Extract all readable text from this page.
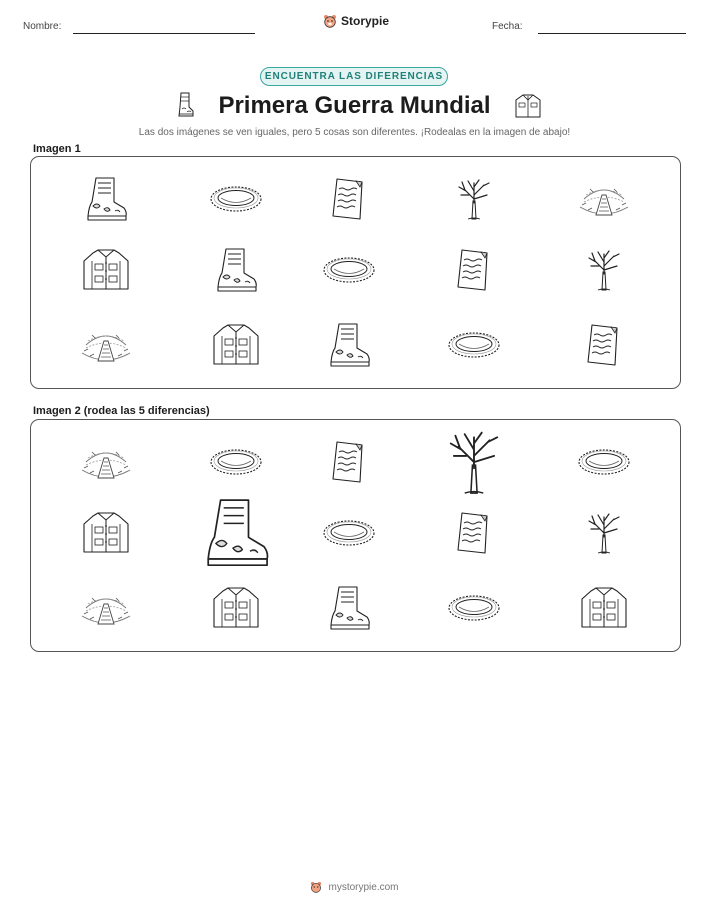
Nombre:	Storypie	Fecha:
ENCUENTRA LAS DIFERENCIAS
Primera Guerra Mundial
Las dos imágenes se ven iguales, pero 5 cosas son diferentes. ¡Rodealas en la imagen de abajo!
Imagen 1
Imagen 2 (rodea las 5 diferencias)
mystorypie.com
